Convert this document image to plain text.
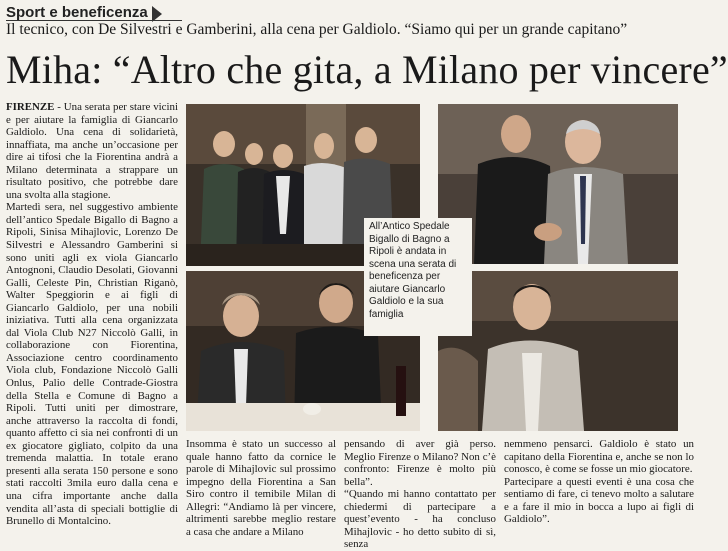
Sport e beneficenza
Il tecnico, con De Silvestri e Gamberini, alla cena per Galdiolo. “Siamo qui per un grande capitano”
Miha: “Altro che gita, a Milano per vincere”

FIRENZE - Una serata per stare vicini e per aiutare la famiglia di Giancarlo Galdiolo. Una cena di solidarietà, innaffiata, ma anche un’occasione per dire ai tifosi che la Fiorentina andrà a Milano determinata a strappare un risultato positivo, che potrebbe dare una svolta alla stagione.

Martedì sera, nel suggestivo ambiente dell’antico Spedale Bigallo di Bagno a Ripoli, Sinisa Mihajlovic, Lorenzo De Silvestri e Alessandro Gamberini si sono uniti agli ex viola Giancarlo Antognoni, Claudio Desolati, Giovanni Galli, Celeste Pin, Christian Riganò, Walter Speggiorin e ai figli di Giancarlo Galdiolo, per una nobili iniziativa. Tutti alla cena organizzata dal Viola Club N27 Niccolò Galli, in collaborazione con Fiorentina, Associazione centro coordinamento Viola club, Fondazione Niccolò Galli Onlus, Palio delle Contrade-Giostra della Stella e Comune di Bagno a Ripoli. Tutti uniti per dimostrare, anche attraverso la raccolta di fondi, quanto affetto ci sia nei confronti di un ex giocatore gigliato, colpito da una tremenda malattia. In totale erano presenti alla serata 150 persone e sono stati raccolti 3mila euro dalla cena e una cifra importante anche dalla vendita all’asta di speciali bottiglie di Brunello di Montalcino.

All’Antico Spedale Bigallo di Bagno a Ripoli è andata in scena una serata di beneficenza per aiutare Giancarlo Galdiolo e la sua famiglia

Insomma è stato un successo al quale hanno fatto da cornice le parole di Mihajlovic sul prossimo impegno della Fiorentina a San Siro contro il temibile Milan di Allegri: “Andiamo là per vincere, altrimenti sarebbe meglio restare a casa che andare a Milano

pensando di aver già perso. Meglio Firenze o Milano? Non c’è confronto: Firenze è molto più bella”.

“Quando mi hanno contattato per chiedermi di partecipare a quest’evento - ha concluso Mihajlovic - ho detto subito di sì, senza

nemmeno pensarci. Galdiolo è stato un capitano della Fiorentina e, anche se non lo conosco, è come se fosse un mio giocatore.

Partecipare a questi eventi è una cosa che sentiamo di fare, ci tenevo molto a salutare e a fare il mio in bocca a lupo ai figli di Galdiolo”.
